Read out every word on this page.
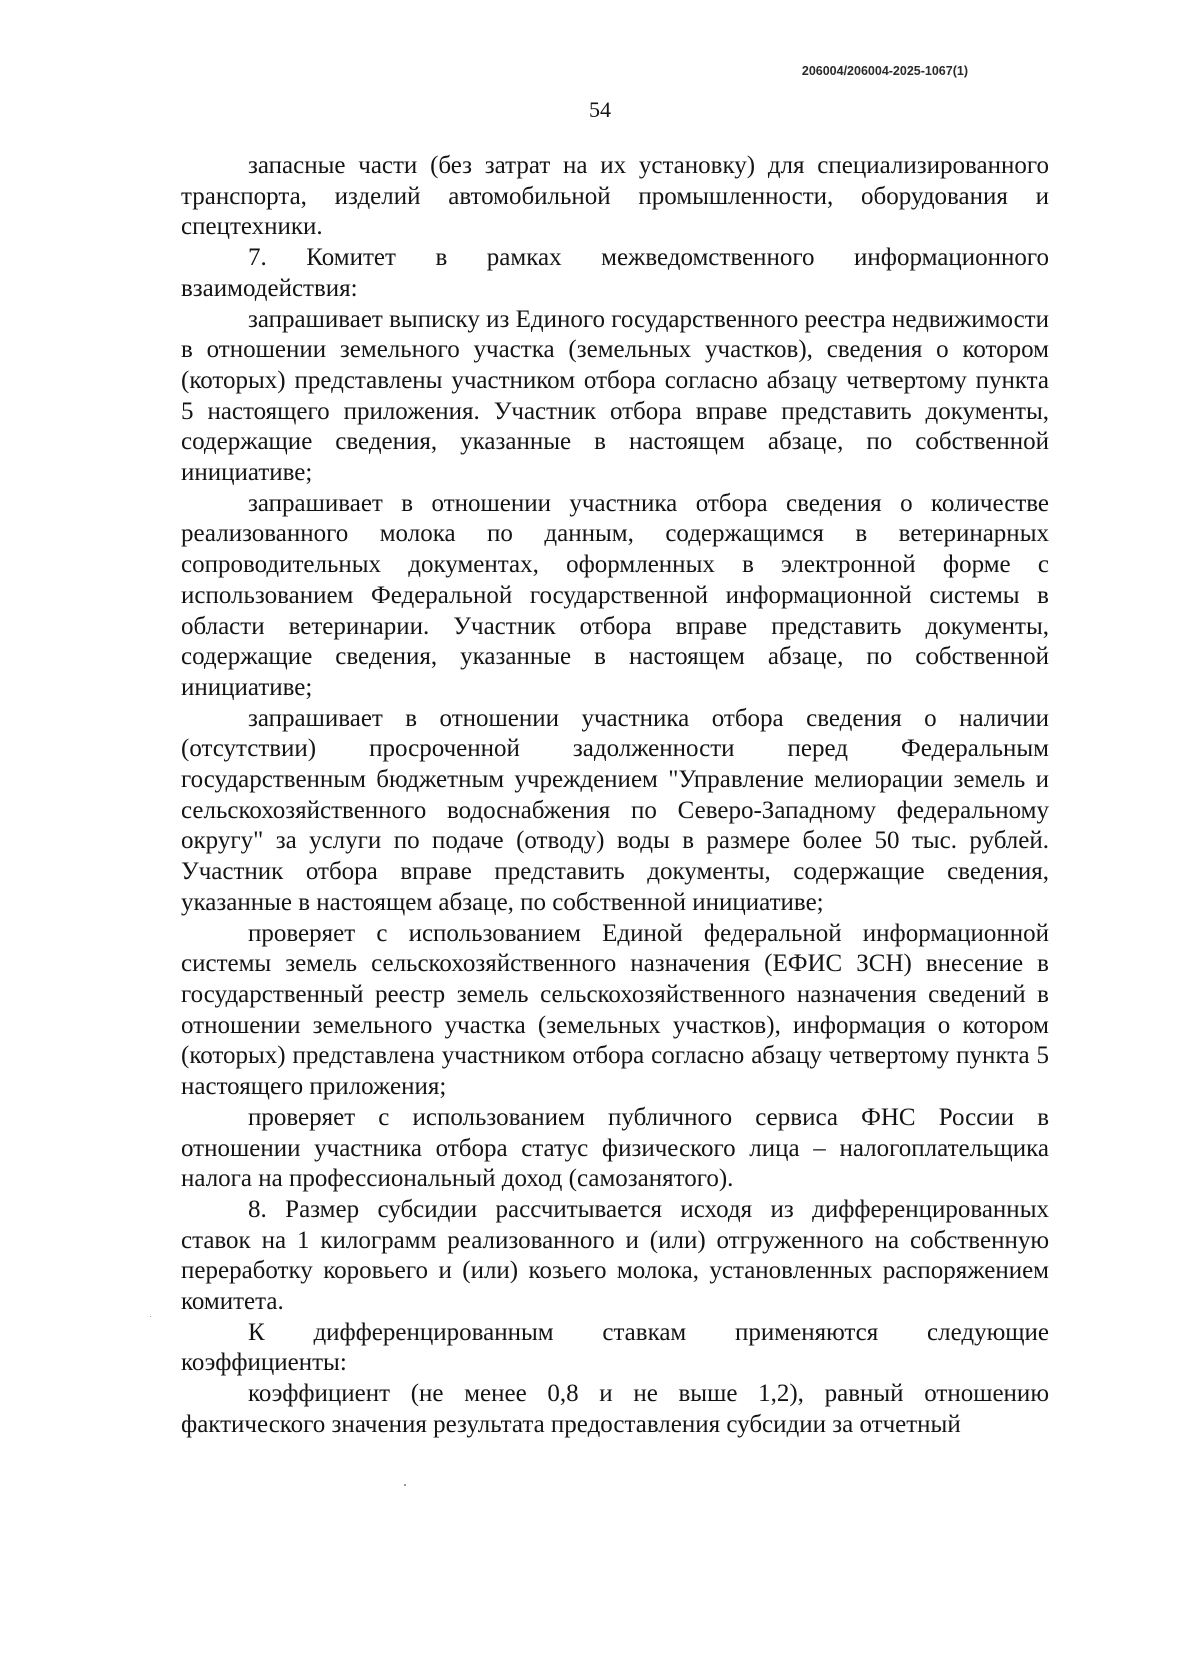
206004/206004-2025-1067(1)
54

запасные части (без затрат на их установку) для специализированного транспорта, изделий автомобильной промышленности, оборудования и спецтехники.

7. Комитет в рамках межведомственного информационного взаимодействия:

запрашивает выписку из Единого государственного реестра недвижимости в отношении земельного участка (земельных участков), сведения о котором (которых) представлены участником отбора согласно абзацу четвертому пункта 5 настоящего приложения. Участник отбора вправе представить документы, содержащие сведения, указанные в настоящем абзаце, по собственной инициативе;

запрашивает в отношении участника отбора сведения о количестве реализованного молока по данным, содержащимся в ветеринарных сопроводительных документах, оформленных в электронной форме с использованием Федеральной государственной информационной системы в области ветеринарии. Участник отбора вправе представить документы, содержащие сведения, указанные в настоящем абзаце, по собственной инициативе;

запрашивает в отношении участника отбора сведения о наличии (отсутствии) просроченной задолженности перед Федеральным государственным бюджетным учреждением "Управление мелиорации земель и сельскохозяйственного водоснабжения по Северо-Западному федеральному округу" за услуги по подаче (отводу) воды в размере более 50 тыс. рублей. Участник отбора вправе представить документы, содержащие сведения, указанные в настоящем абзаце, по собственной инициативе;

проверяет с использованием Единой федеральной информационной системы земель сельскохозяйственного назначения (ЕФИС ЗСН) внесение в государственный реестр земель сельскохозяйственного назначения сведений в отношении земельного участка (земельных участков), информация о котором (которых) представлена участником отбора согласно абзацу четвертому пункта 5 настоящего приложения;

проверяет с использованием публичного сервиса ФНС России в отношении участника отбора статус физического лица – налогоплательщика налога на профессиональный доход (самозанятого).

8. Размер субсидии рассчитывается исходя из дифференцированных ставок на 1 килограмм реализованного и (или) отгруженного на собственную переработку коровьего и (или) козьего молока, установленных распоряжением комитета.

К дифференцированным ставкам применяются следующие коэффициенты:

коэффициент (не менее 0,8 и не выше 1,2), равный отношению фактического значения результата предоставления субсидии за отчетный
